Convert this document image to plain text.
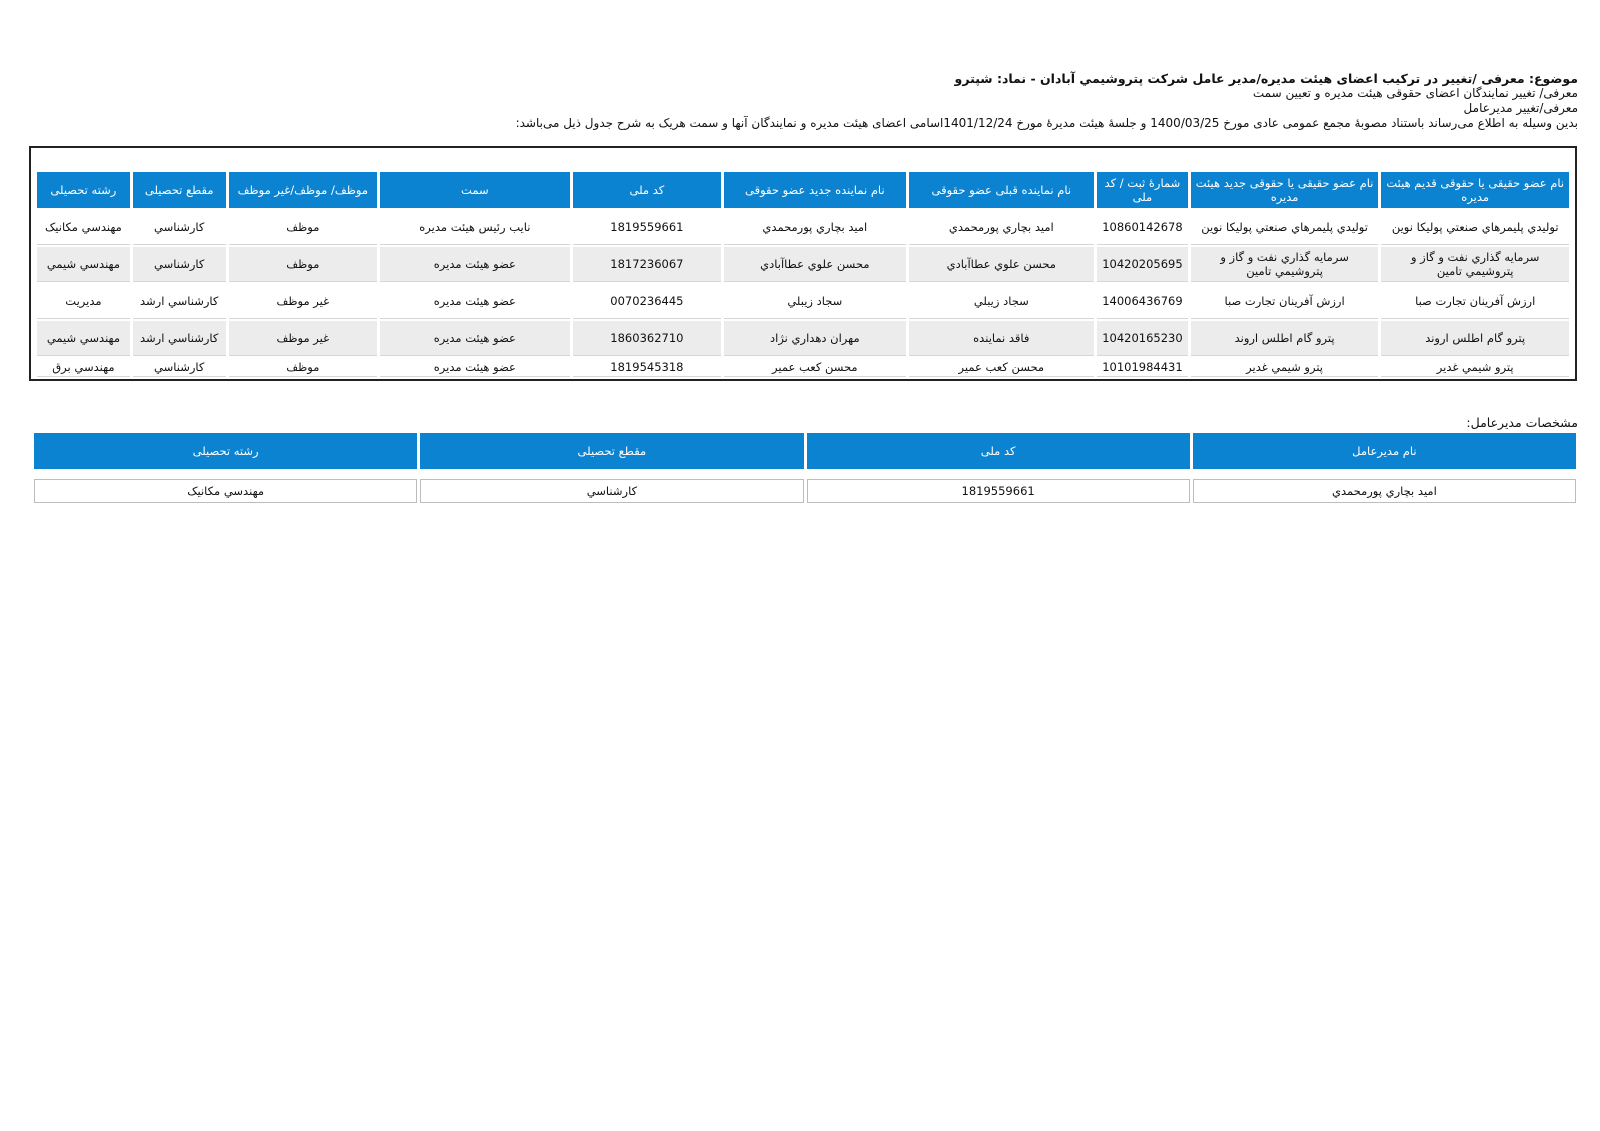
موضوع: معرفی /تغيير در ترکيب اعضای هيئت مديره/مدير عامل شرکت پتروشيمي آبادان - نماد: شپترو
معرفی/ تغيير نمايندگان اعضای حقوقی هيئت مديره و تعيين سمت
معرفی/تغيير مديرعامل
بدين وسيله به اطلاع می‌رساند باستناد مصوبهٔ مجمع عمومی عادی مورخ 1400/03/25 و جلسهٔ هيئت مديرهٔ مورخ 1401/12/24اسامی اعضای هيئت مديره و نمايندگان آنها و سمت هريک به شرح جدول ذيل می‌باشد:
نام عضو حقیقی یا حقوقی قدیم هیئت مدیره	نام عضو حقیقی یا حقوقی جدید هیئت مدیره	شمارهٔ ثبت / کد ملی	نام نماينده قبلی عضو حقوقی	نام نماينده جدید عضو حقوقی	کد ملی	سمت	موظف/ موظف/غیر موظف	مقطع تحصیلی	رشته تحصیلی
توليدي پليمرهاي صنعتي پوليكا نوين	توليدي پليمرهاي صنعتي پوليكا نوين	10860142678	اميد بچاري پورمحمدي	اميد بچاري پورمحمدي	1819559661	نایب رئیس هیئت مدیره	موظف	کارشناسي	مهندسي مکانيک
سرمايه گذاري نفت و گاز و پتروشيمي تامين	سرمايه گذاري نفت و گاز و پتروشيمي تامين	10420205695	محسن علوي عطاآبادي	محسن علوي عطاآبادي	1817236067	عضو هیئت مدیره	موظف	کارشناسي	مهندسي شيمي
ارزش آفرينان تجارت صبا	ارزش آفرينان تجارت صبا	14006436769	سجاد زيبلي	سجاد زيبلي	0070236445	عضو هیئت مدیره	غیر موظف	کارشناسي ارشد	مديريت
پترو گام اطلس اروند	پترو گام اطلس اروند	10420165230	فاقد نماینده	مهران دهداري نژاد	1860362710	عضو هیئت مدیره	غیر موظف	کارشناسي ارشد	مهندسي شيمي
پترو شيمي غدير	پترو شيمي غدير	10101984431	محسن کعب عمير	محسن کعب عمير	1819545318	عضو هیئت مدیره	موظف	کارشناسي	مهندسي برق
مشخصات مدیرعامل:
نام مدیرعامل	کد ملی	مقطع تحصیلی	رشته تحصیلی

اميد بچاري پورمحمدي	1819559661	کارشناسي	مهندسي مکانيک
